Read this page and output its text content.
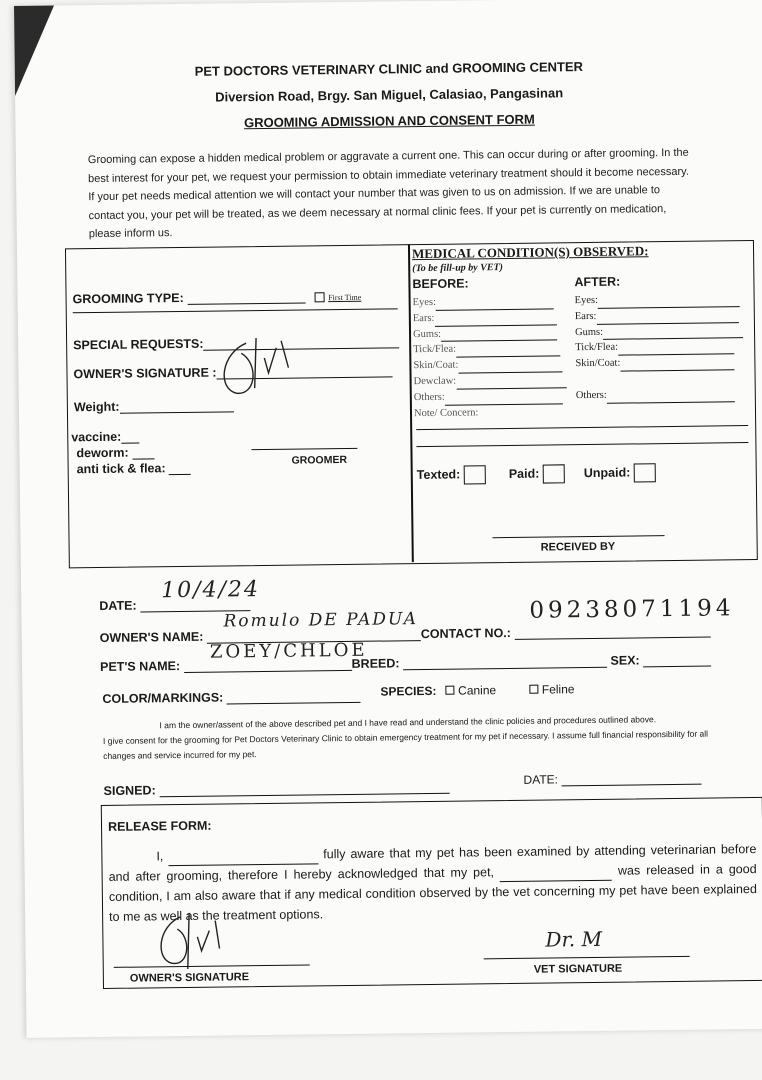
PET DOCTORS VETERINARY CLINIC and GROOMING CENTER
Diversion Road, Brgy. San Miguel, Calasiao, Pangasinan
GROOMING ADMISSION AND CONSENT FORM
Grooming can expose a hidden medical problem or aggravate a current one. This can occur during or after grooming. In the best interest for your pet, we request your permission to obtain immediate veterinary treatment should it become necessary. If your pet needs medical attention we will contact your number that was given to us on admission. If we are unable to contact you, your pet will be treated, as we deem necessary at normal clinic fees. If your pet is currently on medication, please inform us.
GROOMING TYPE:	First Time
SPECIAL REQUESTS:
OWNER'S SIGNATURE :
Weight:
vaccine:
deworm:
anti tick & flea:
GROOMER
MEDICAL CONDITION(S) OBSERVED:
(To be fill-up by VET)
BEFORE:	AFTER:
Eyes:
Ears:
Gums:
Tick/Flea:
Skin/Coat:
Dewclaw:
Others:
Note/ Concern:
Eyes:
Ears:
Gums:
Tick/Flea:
Skin/Coat:
Others:
Texted:	Paid:	Unpaid:
RECEIVED BY
DATE:
10/4/24
OWNER'S NAME:	CONTACT NO.:
Romulo DE PADUA	09238071194
PET'S NAME:	BREED:	SEX:
ZOEY/CHLOE
COLOR/MARKINGS:	SPECIES: Canine	Feline
I am the owner/assent of the above described pet and I have read and understand the clinic policies and procedures outlined above.
I give consent for the grooming for Pet Doctors Veterinary Clinic to obtain emergency treatment for my pet if necessary. I assume full financial responsibility for all changes and service incurred for my pet.
SIGNED:
DATE:
RELEASE FORM:
I,	fully aware that my pet has been examined by attending veterinarian before and after grooming, therefore I hereby acknowledged that my pet,	was released in a good condition, I am also aware that if any medical condition observed by the vet concerning my pet have been explained to me as well as the treatment options.
OWNER'S SIGNATURE
Dr. M
VET SIGNATURE
